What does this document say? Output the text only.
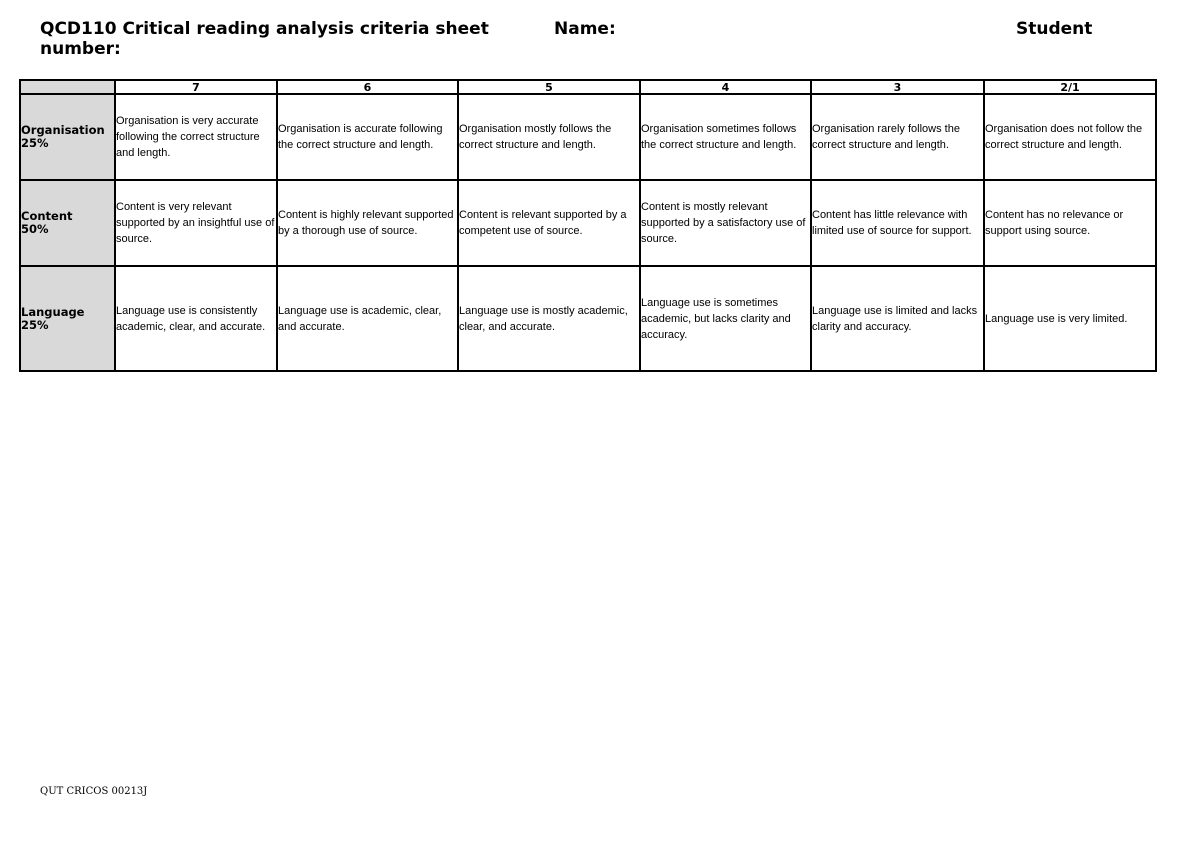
QCD110 Critical reading analysis criteria sheet	Name:	Student
number:
	7	6	5	4	3	2/1

Organisation
25%	Organisation is very accurate following the correct structure and length.	Organisation is accurate following the correct structure and length.	Organisation mostly follows the correct structure and length.	Organisation sometimes follows the correct structure and length.	Organisation rarely follows the correct structure and length.	Organisation does not follow the correct structure and length.

Content
50%	Content is very relevant supported by an insightful use of source.	Content is highly relevant supported by a thorough use of source.	Content is relevant supported by a competent use of source.	Content is mostly relevant supported by a satisfactory use of source.	Content has little relevance with limited use of source for support.	Content has no relevance or support using source.

Language
25%	Language use is consistently academic, clear, and accurate.	Language use is academic, clear, and accurate.	Language use is mostly academic, clear, and accurate.	Language use is sometimes academic, but lacks clarity and accuracy.	Language use is limited and lacks clarity and accuracy.	Language use is very limited.
QUT CRICOS 00213J
